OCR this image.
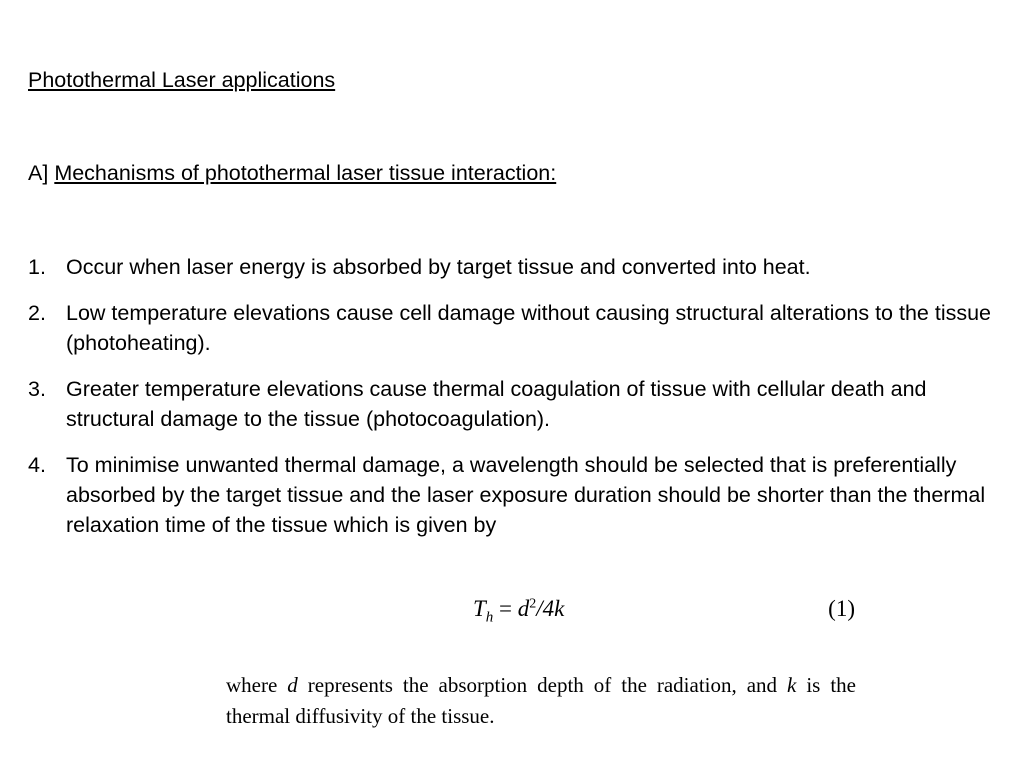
Photothermal Laser applications

A] Mechanisms of photothermal laser tissue interaction:

1. Occur when laser energy is absorbed by target tissue and converted into heat.
2. Low temperature elevations cause cell damage without causing structural alterations to the tissue (photoheating).
3. Greater temperature elevations cause thermal coagulation of tissue with cellular death and structural damage to the tissue (photocoagulation).
4. To minimise unwanted thermal damage, a wavelength should be selected that is preferentially absorbed by the target tissue and the laser exposure duration should be shorter than the thermal relaxation time of the tissue which is given by
$T_h = d^2/4k$	(1)

where d represents the absorption depth of the radiation, and k is the thermal diffusivity of the tissue.
